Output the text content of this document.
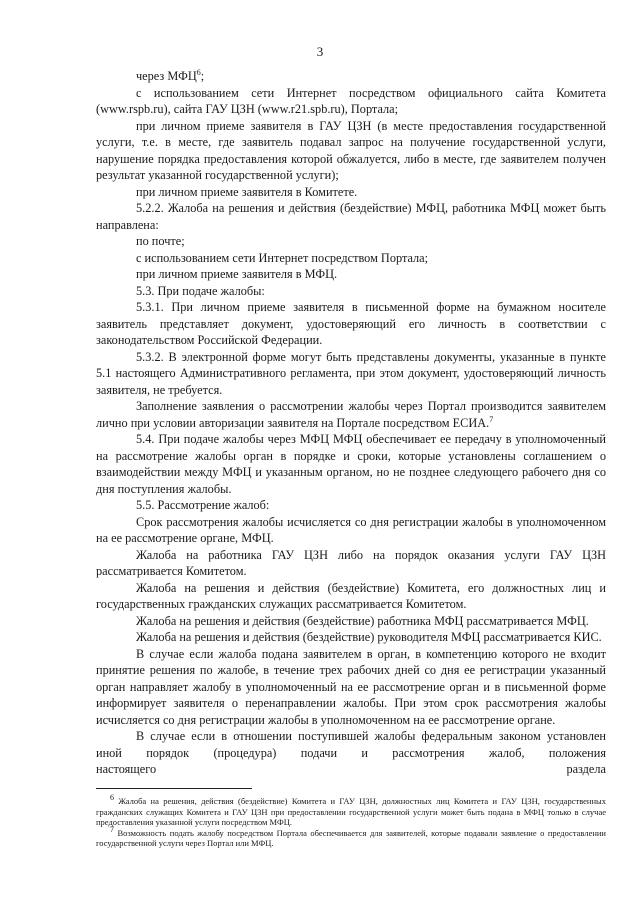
3

через МФЦ$^6$;

с использованием сети Интернет посредством официального сайта Комитета (www.rspb.ru), сайта ГАУ ЦЗН (www.r21.spb.ru), Портала;

при личном приеме заявителя в ГАУ ЦЗН (в месте предоставления государственной услуги, т.е. в месте, где заявитель подавал запрос на получение государственной услуги, нарушение порядка предоставления которой обжалуется, либо в месте, где заявителем получен результат указанной государственной услуги);

при личном приеме заявителя в Комитете.

5.2.2. Жалоба на решения и действия (бездействие) МФЦ, работника МФЦ может быть направлена:

по почте;

с использованием сети Интернет посредством Портала;

при личном приеме заявителя в МФЦ.

5.3. При подаче жалобы:

5.3.1. При личном приеме заявителя в письменной форме на бумажном носителе заявитель представляет документ, удостоверяющий его личность в соответствии с законодательством Российской Федерации.

5.3.2. В электронной форме могут быть представлены документы, указанные в пункте 5.1 настоящего Административного регламента, при этом документ, удостоверяющий личность заявителя, не требуется.

Заполнение заявления о рассмотрении жалобы через Портал производится заявителем лично при условии авторизации заявителя на Портале посредством ЕСИА.$^7$

5.4. При подаче жалобы через МФЦ МФЦ обеспечивает ее передачу в уполномоченный на рассмотрение жалобы орган в порядке и сроки, которые установлены соглашением о взаимодействии между МФЦ и указанным органом, но не позднее следующего рабочего дня со дня поступления жалобы.

5.5. Рассмотрение жалоб:

Срок рассмотрения жалобы исчисляется со дня регистрации жалобы в уполномоченном на ее рассмотрение органе, МФЦ.

Жалоба на работника ГАУ ЦЗН либо на порядок оказания услуги ГАУ ЦЗН рассматривается Комитетом.

Жалоба на решения и действия (бездействие) Комитета, его должностных лиц и государственных гражданских служащих рассматривается Комитетом.

Жалоба на решения и действия (бездействие) работника МФЦ рассматривается МФЦ.

Жалоба на решения и действия (бездействие) руководителя МФЦ рассматривается КИС.

В случае если жалоба подана заявителем в орган, в компетенцию которого не входит принятие решения по жалобе, в течение трех рабочих дней со дня ее регистрации указанный орган направляет жалобу в уполномоченный на ее рассмотрение орган и в письменной форме информирует заявителя о перенаправлении жалобы. При этом срок рассмотрения жалобы исчисляется со дня регистрации жалобы в уполномоченном на ее рассмотрение органе.

В случае если в отношении поступившей жалобы федеральным законом установлен иной порядок (процедура) подачи и рассмотрения жалоб, положения

настоящего	раздела

$^6$ Жалоба на решения, действия (бездействие) Комитета и ГАУ ЦЗН, должностных лиц Комитета и ГАУ ЦЗН, государственных гражданских служащих Комитета и ГАУ ЦЗН при предоставлении государственной услуги может быть подана в МФЦ только в случае предоставления указанной услуги посредством МФЦ.

$^7$ Возможность подать жалобу посредством Портала обеспечивается для заявителей, которые подавали заявление о предоставлении государственной услуги через Портал или МФЦ.
